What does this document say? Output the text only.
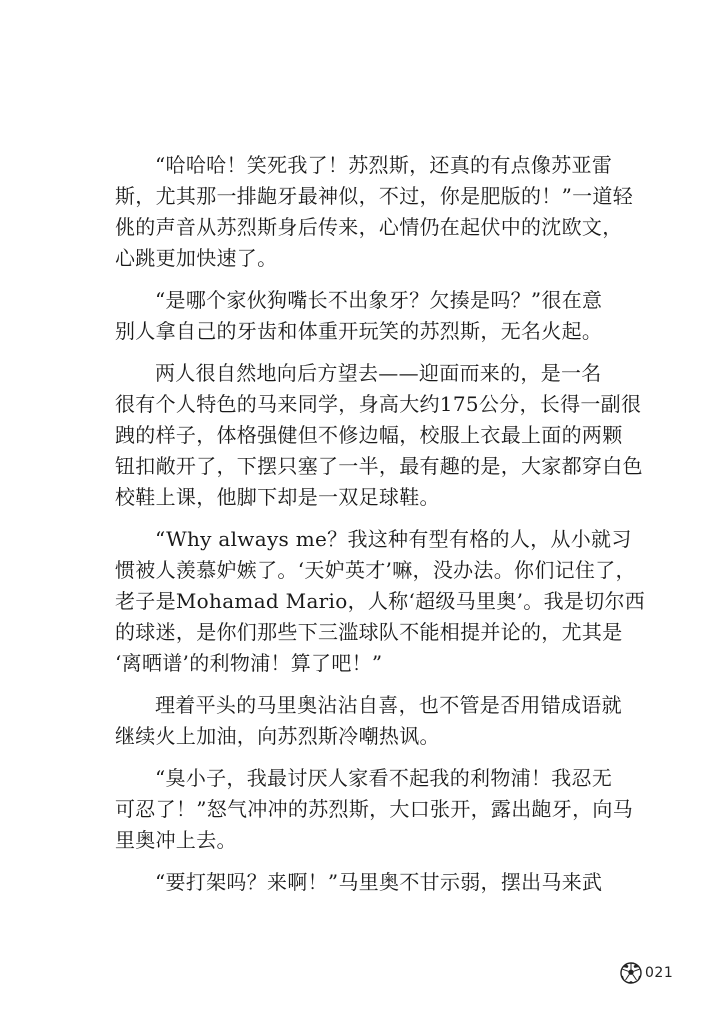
“哈哈哈！笑死我了！苏烈斯，还真的有点像苏亚雷
斯，尤其那一排龅牙最神似，不过，你是肥版的！”一道轻
佻的声音从苏烈斯身后传来，心情仍在起伏中的沈欧文，
心跳更加快速了。

“是哪个家伙狗嘴长不出象牙？欠揍是吗？”很在意
别人拿自己的牙齿和体重开玩笑的苏烈斯，无名火起。

两人很自然地向后方望去——迎面而来的，是一名
很有个人特色的马来同学，身高大约175公分，长得一副很
跩的样子，体格强健但不修边幅，校服上衣最上面的两颗
钮扣敞开了，下摆只塞了一半，最有趣的是，大家都穿白色
校鞋上课，他脚下却是一双足球鞋。

“Why always me？我这种有型有格的人，从小就习
惯被人羡慕妒嫉了。‘天妒英才’嘛，没办法。你们记住了，
老子是Mohamad Mario，人称‘超级马里奥’。我是切尔西
的球迷，是你们那些下三滥球队不能相提并论的，尤其是
‘离晒谱’的利物浦！算了吧！”

理着平头的马里奥沾沾自喜，也不管是否用错成语就
继续火上加油，向苏烈斯冷嘲热讽。

“臭小子，我最讨厌人家看不起我的利物浦！我忍无
可忍了！”怒气冲冲的苏烈斯，大口张开，露出龅牙，向马
里奥冲上去。

“要打架吗？来啊！”马里奥不甘示弱，摆出马来武

021
